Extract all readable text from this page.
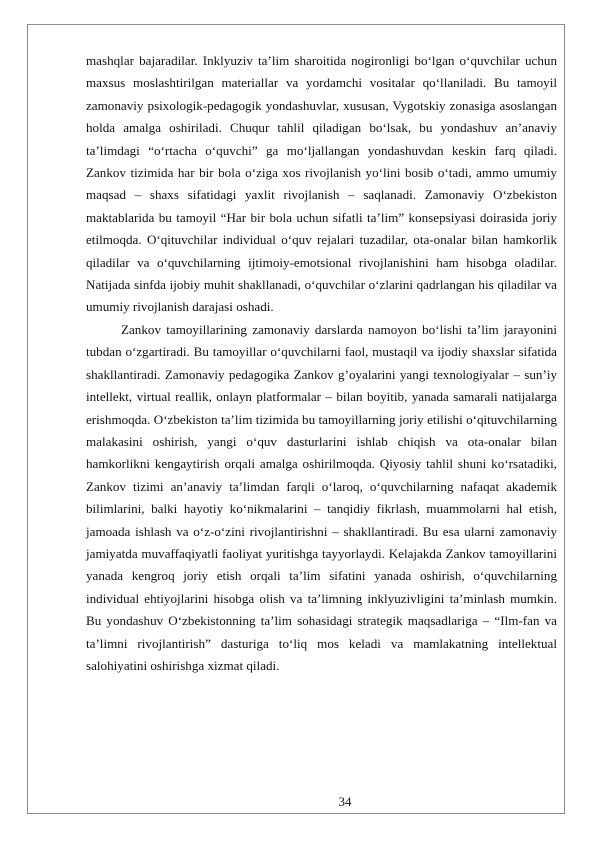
mashqlar bajaradilar. Inklyuziv ta’lim sharoitida nogironligi bo‘lgan o‘quvchilar uchun maxsus moslashtirilgan materiallar va yordamchi vositalar qo‘llaniladi. Bu tamoyil zamonaviy psixologik-pedagogik yondashuvlar, xususan, Vygotskiy zonasiga asoslangan holda amalga oshiriladi. Chuqur tahlil qiladigan bo‘lsak, bu yondashuv an’anaviy ta’limdagi “o‘rtacha o‘quvchi” ga mo‘ljallangan yondashuvdan keskin farq qiladi. Zankov tizimida har bir bola o‘ziga xos rivojlanish yo‘lini bosib o‘tadi, ammo umumiy maqsad – shaxs sifatidagi yaxlit rivojlanish – saqlanadi. Zamonaviy O‘zbekiston maktablarida bu tamoyil “Har bir bola uchun sifatli ta’lim” konsepsiyasi doirasida joriy etilmoqda. O‘qituvchilar individual o‘quv rejalari tuzadilar, ota-onalar bilan hamkorlik qiladilar va o‘quvchilarning ijtimoiy-emotsional rivojlanishini ham hisobga oladilar. Natijada sinfda ijobiy muhit shakllanadi, o‘quvchilar o‘zlarini qadrlangan his qiladilar va umumiy rivojlanish darajasi oshadi.

Zankov tamoyillarining zamonaviy darslarda namoyon bo‘lishi ta’lim jarayonini tubdan o‘zgartiradi. Bu tamoyillar o‘quvchilarni faol, mustaqil va ijodiy shaxslar sifatida shakllantiradi. Zamonaviy pedagogika Zankov g’oyalarini yangi texnologiyalar – sun’iy intellekt, virtual reallik, onlayn platformalar – bilan boyitib, yanada samarali natijalarga erishmoqda. O‘zbekiston ta’lim tizimida bu tamoyillarning joriy etilishi o‘qituvchilarning malakasini oshirish, yangi o‘quv dasturlarini ishlab chiqish va ota-onalar bilan hamkorlikni kengaytirish orqali amalga oshirilmoqda. Qiyosiy tahlil shuni ko‘rsatadiki, Zankov tizimi an’anaviy ta’limdan farqli o‘laroq, o‘quvchilarning nafaqat akademik bilimlarini, balki hayotiy ko‘nikmalarini – tanqidiy fikrlash, muammolarni hal etish, jamoada ishlash va o‘z-o‘zini rivojlantirishni – shakllantiradi. Bu esa ularni zamonaviy jamiyatda muvaffaqiyatli faoliyat yuritishga tayyorlaydi. Kelajakda Zankov tamoyillarini yanada kengroq joriy etish orqali ta’lim sifatini yanada oshirish, o‘quvchilarning individual ehtiyojlarini hisobga olish va ta’limning inklyuzivligini ta’minlash mumkin. Bu yondashuv O‘zbekistonning ta’lim sohasidagi strategik maqsadlariga – “Ilm-fan va ta’limni rivojlantirish” dasturiga to‘liq mos keladi va mamlakatning intellektual salohiyatini oshirishga xizmat qiladi.

34
